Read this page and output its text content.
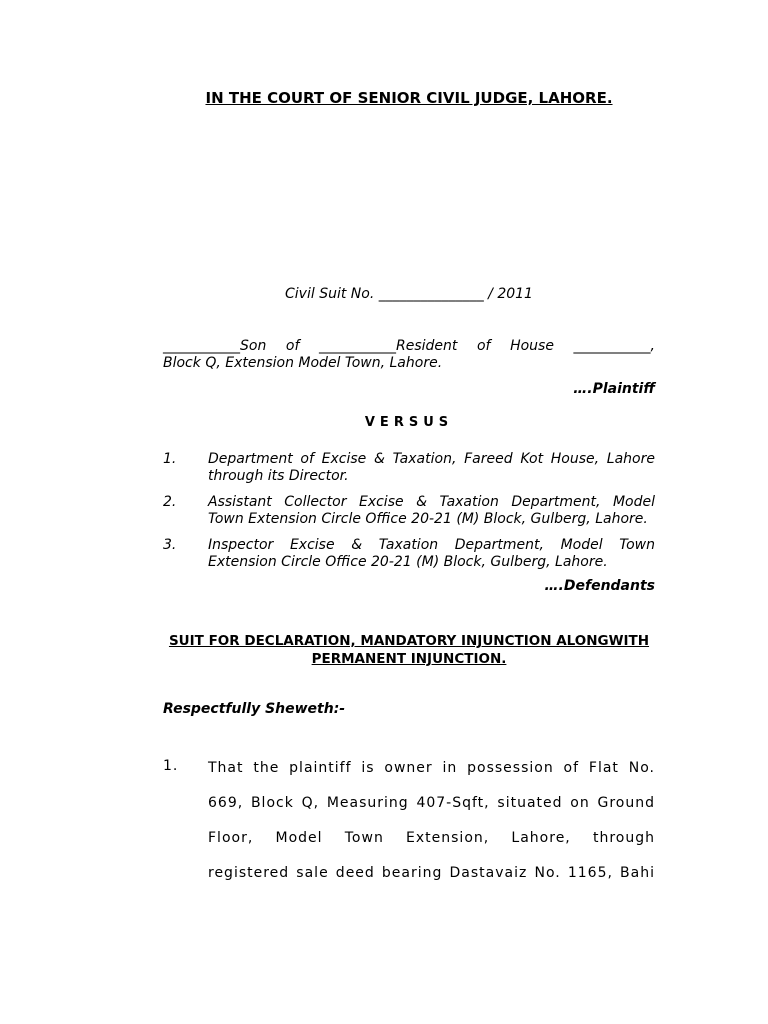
IN THE COURT OF SENIOR CIVIL JUDGE, LAHORE.
Civil Suit No. _______________ / 2011
___________Son of ___________Resident of House ___________,
Block Q, Extension Model Town, Lahore.
….Plaintiff
VERSUS
1. Department of Excise & Taxation, Fareed Kot House, Lahore
through its Director.
2. Assistant Collector Excise & Taxation Department, Model
Town Extension Circle Office 20-21 (M) Block, Gulberg, Lahore.
3. Inspector Excise & Taxation Department, Model Town
Extension Circle Office 20-21 (M) Block, Gulberg, Lahore.
….Defendants
SUIT FOR DECLARATION, MANDATORY INJUNCTION ALONGWITH
PERMANENT INJUNCTION.
Respectfully Sheweth:-
1. That the plaintiff is owner in possession of Flat No.
669, Block Q, Measuring 407-Sqft, situated on Ground
Floor, Model Town Extension, Lahore, through
registered sale deed bearing Dastavaiz No. 1165, Bahi
